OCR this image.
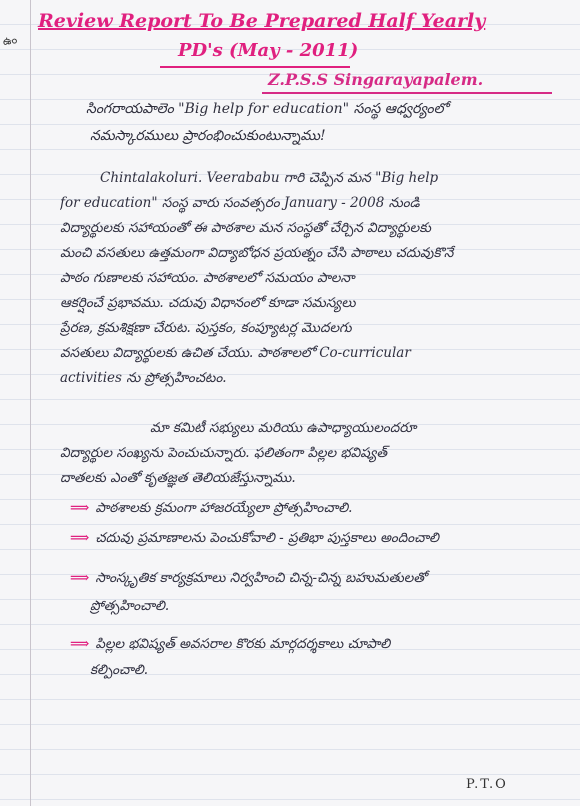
ఉం
Review Report To Be Prepared Half Yearly
PD's (May - 2011)
Z.P.S.S Singarayapalem.
సింగరాయపాలెం "Big help for education" సంస్థ ఆధ్వర్యంలో
నమస్కారములు ప్రారంభించుకుంటున్నాము!
Chintalakoluri. Veerababu గారి చెప్పిన మన "Big help
for education" సంస్థ వారు సంవత్సరం January - 2008 నుండి
విద్యార్థులకు సహాయంతో ఈ పాఠశాల మన సంస్థతో చేర్చిన విద్యార్థులకు
మంచి వసతులు ఉత్తమంగా విద్యాబోధన ప్రయత్నం చేసి పాఠాలు చదువుకొనే
పాఠం గుణాలకు సహాయం. పాఠశాలలో సమయం పాలనా
ఆకర్షించే ప్రభావము. చదువు విధానంలో కూడా సమస్యలు
ప్రేరణ, క్రమశిక్షణా చేరుట. పుస్తకం, కంప్యూటర్ల మొదలగు
వసతులు విద్యార్థులకు ఉచిత చేయు. పాఠశాలలో Co-curricular
activities ను ప్రోత్సహించటం.
మా కమిటీ సభ్యులు మరియు ఉపాధ్యాయులందరూ
విద్యార్థుల సంఖ్యను పెంచుచున్నారు. ఫలితంగా పిల్లల భవిష్యత్
దాతలకు ఎంతో కృతజ్ఞత తెలియజేస్తున్నాము.
⟹ పాఠశాలకు క్రమంగా హాజరయ్యేలా ప్రోత్సహించాలి.
⟹ చదువు ప్రమాణాలను పెంచుకోవాలి - ప్రతిభా పుస్తకాలు అందించాలి
⟹ సాంస్కృతిక కార్యక్రమాలు నిర్వహించి చిన్న-చిన్న బహుమతులతో
ప్రోత్సహించాలి.
⟹ పిల్లల భవిష్యత్ అవసరాల కొరకు మార్గదర్శకాలు చూపాలి
కల్పించాలి.
P.T.O
